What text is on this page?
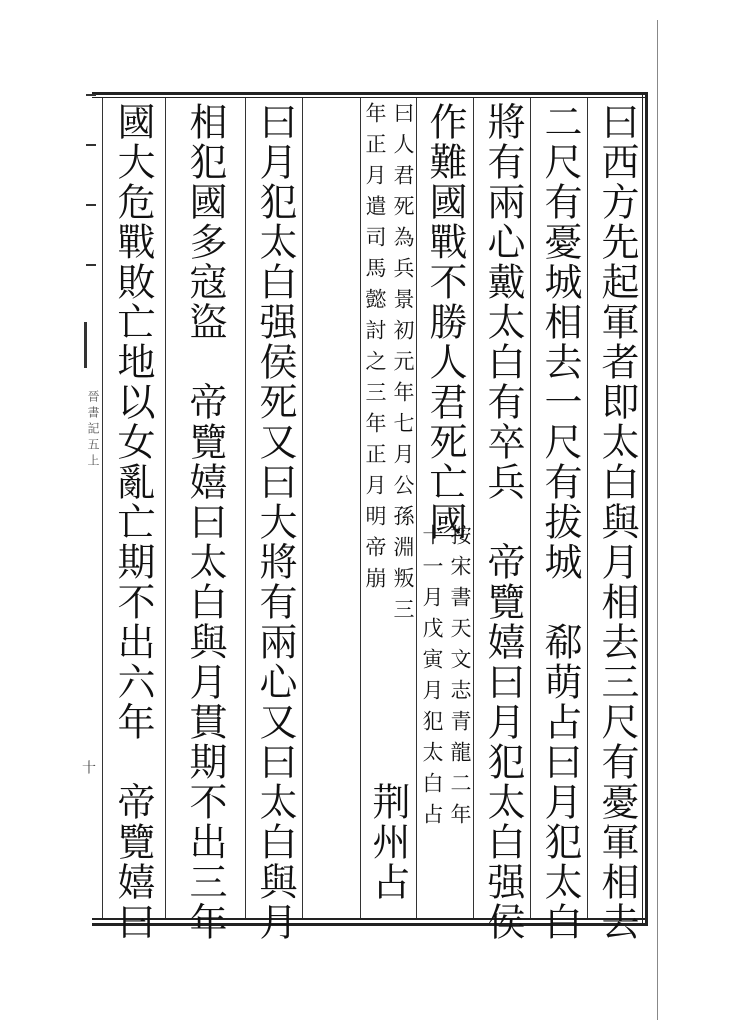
曰西方先起軍者即太白與月相去三尺有憂軍相去
二尺有憂城相去一尺有拔城　郗萌占曰月犯太白
將有兩心戴太白有卒兵　帝覽嬉曰月犯太白强侯
作難國戰不勝人君死亡國
按宋書天文志青龍二年
十一月戊寅月犯太白占
曰人君死為兵景初元年七月公孫淵叛三
年正月遣司馬懿討之三年正月明帝崩
荆州占
曰月犯太白强侯死又曰大將有兩心又曰太白與月
相犯國多寇盜　帝覽嬉曰太白與月貫期不出三年
國大危戰敗亡地以女亂亡期不出六年　帝覽嬉曰
晉書記五上
十
